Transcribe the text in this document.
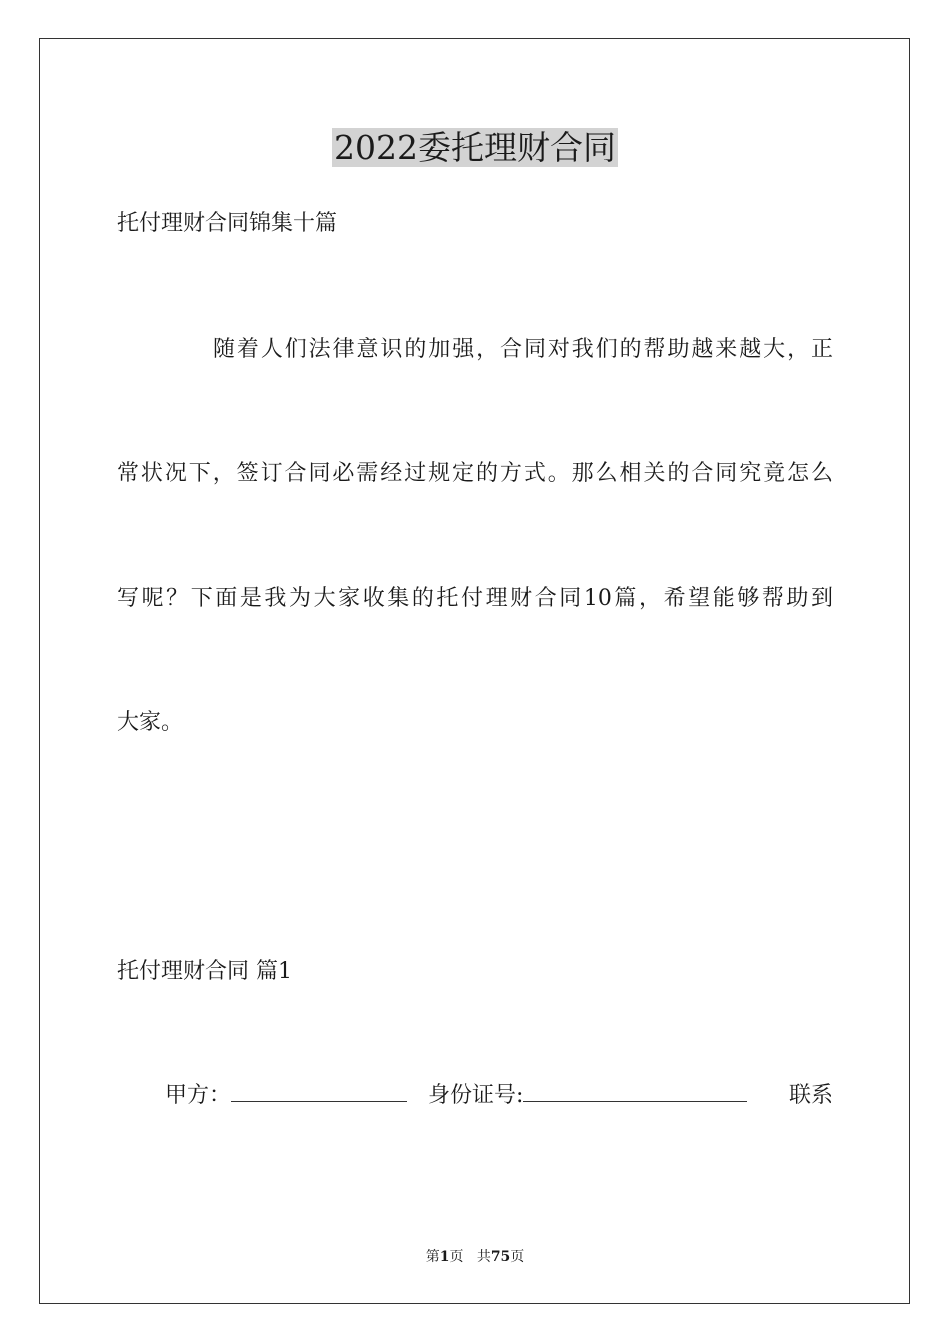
2022委托理财合同

托付理财合同锦集十篇

随着人们法律意识的加强，合同对我们的帮助越来越大，正

常状况下，签订合同必需经过规定的方式。那么相关的合同究竟怎么

写呢？下面是我为大家收集的托付理财合同10篇，希望能够帮助到

大家。

托付理财合同 篇1

甲方：	身份证号:	联系

第1页 共75页
